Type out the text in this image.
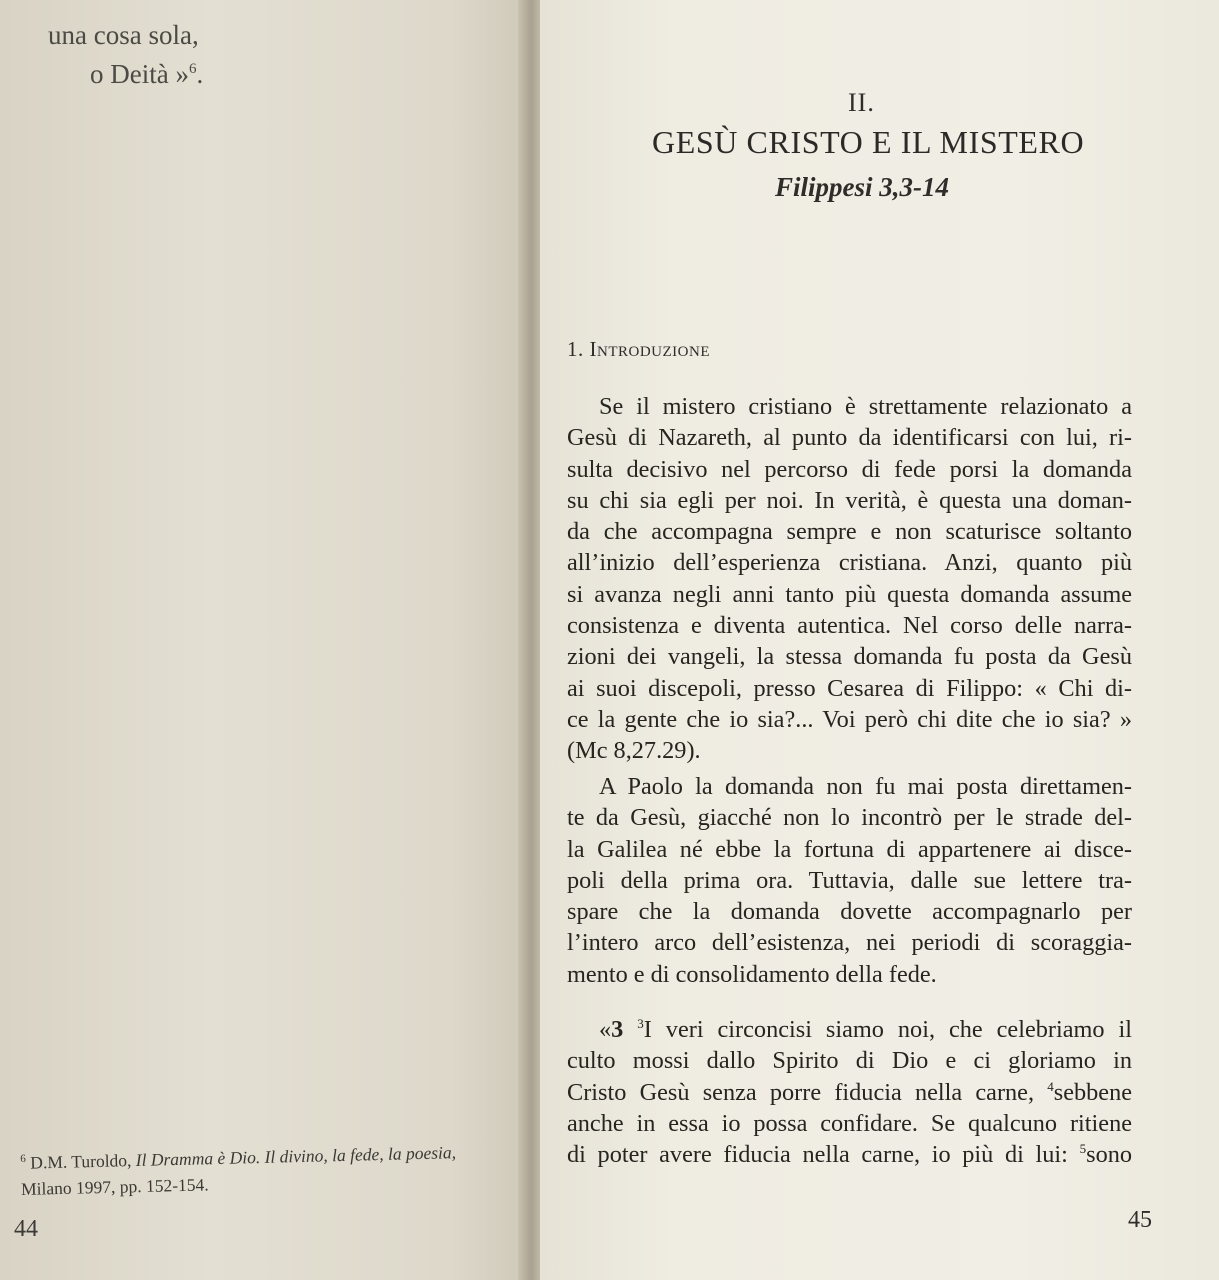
una cosa sola,
o Deità »$^6$.
$^6$ D.M. Turoldo, Il Dramma è Dio. Il divino, la fede, la poesia,
Milano 1997, pp. 152-154.
44
II.
GESÙ CRISTO E IL MISTERO
Filippesi 3,3-14
1. Introduzione
Se il mistero cristiano è strettamente relazionato a
Gesù di Nazareth, al punto da identificarsi con lui, ri-
sulta decisivo nel percorso di fede porsi la domanda
su chi sia egli per noi. In verità, è questa una doman-
da che accompagna sempre e non scaturisce soltanto
all’inizio dell’esperienza cristiana. Anzi, quanto più
si avanza negli anni tanto più questa domanda assume
consistenza e diventa autentica. Nel corso delle narra-
zioni dei vangeli, la stessa domanda fu posta da Gesù
ai suoi discepoli, presso Cesarea di Filippo: « Chi di-
ce la gente che io sia?... Voi però chi dite che io sia? »
(Mc 8,27.29).
A Paolo la domanda non fu mai posta direttamen-
te da Gesù, giacché non lo incontrò per le strade del-
la Galilea né ebbe la fortuna di appartenere ai disce-
poli della prima ora. Tuttavia, dalle sue lettere tra-
spare che la domanda dovette accompagnarlo per
l’intero arco dell’esistenza, nei periodi di scoraggia-
mento e di consolidamento della fede.
«3 $^3$I veri circoncisi siamo noi, che celebriamo il
culto mossi dallo Spirito di Dio e ci gloriamo in
Cristo Gesù senza porre fiducia nella carne, $^4$sebbene
anche in essa io possa confidare. Se qualcuno ritiene
di poter avere fiducia nella carne, io più di lui: $^5$sono
45
